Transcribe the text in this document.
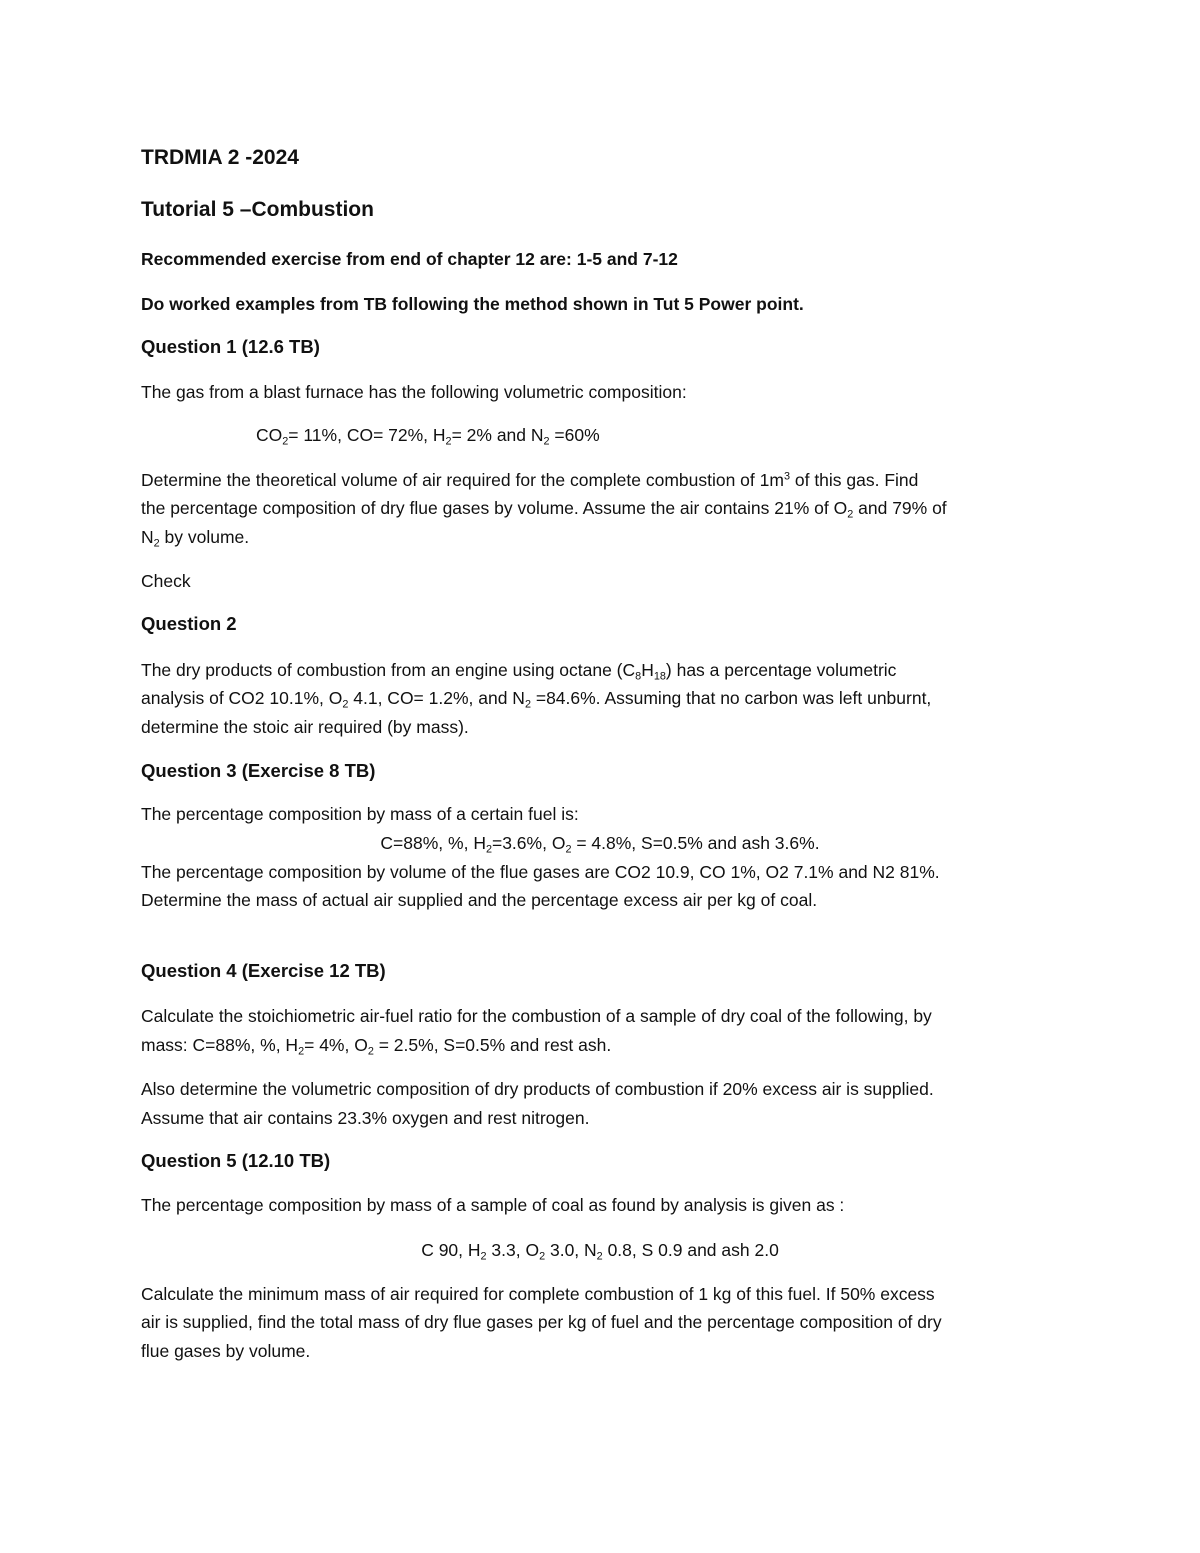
TRDMIA 2 -2024

Tutorial 5 –Combustion

Recommended exercise from end of chapter 12 are: 1-5 and 7-12

Do worked examples from TB following the method shown in Tut 5 Power point.

Question 1 (12.6 TB)

The gas from a blast furnace has the following volumetric composition:

$CO_2= 11\%$, CO= 72%, $H_2= 2\%$ and $N_2 =60\%$

Determine the theoretical volume of air required for the complete combustion of $1m^3$ of this gas. Find

the percentage composition of dry flue gases by volume. Assume the air contains 21% of $O_2$ and 79% of

$N_2$ by volume.

Check

Question 2

The dry products of combustion from an engine using octane $(C_8H_{18})$ has a percentage volumetric

analysis of CO2 10.1%, $O_2$ 4.1, CO= 1.2%, and $N_2 =84.6\%$. Assuming that no carbon was left unburnt,

determine the stoic air required (by mass).

Question 3 (Exercise 8 TB)

The percentage composition by mass of a certain fuel is:

C=88%, %, $H_2=3.6\%$, $O_2 = 4.8\%$, S=0.5% and ash 3.6%.

The percentage composition by volume of the flue gases are CO2 10.9, CO 1%, O2 7.1% and N2 81%.

Determine the mass of actual air supplied and the percentage excess air per kg of coal.

Question 4 (Exercise 12 TB)

Calculate the stoichiometric air-fuel ratio for the combustion of a sample of dry coal of the following, by

mass: C=88%, %, $H_2= 4\%$, $O_2 = 2.5\%$, S=0.5% and rest ash.

Also determine the volumetric composition of dry products of combustion if 20% excess air is supplied.

Assume that air contains 23.3% oxygen and rest nitrogen.

Question 5 (12.10 TB)

The percentage composition by mass of a sample of coal as found by analysis is given as :

C 90, $H_2$ 3.3, $O_2$ 3.0, $N_2$ 0.8, S 0.9 and ash 2.0

Calculate the minimum mass of air required for complete combustion of 1 kg of this fuel. If 50% excess

air is supplied, find the total mass of dry flue gases per kg of fuel and the percentage composition of dry

flue gases by volume.
